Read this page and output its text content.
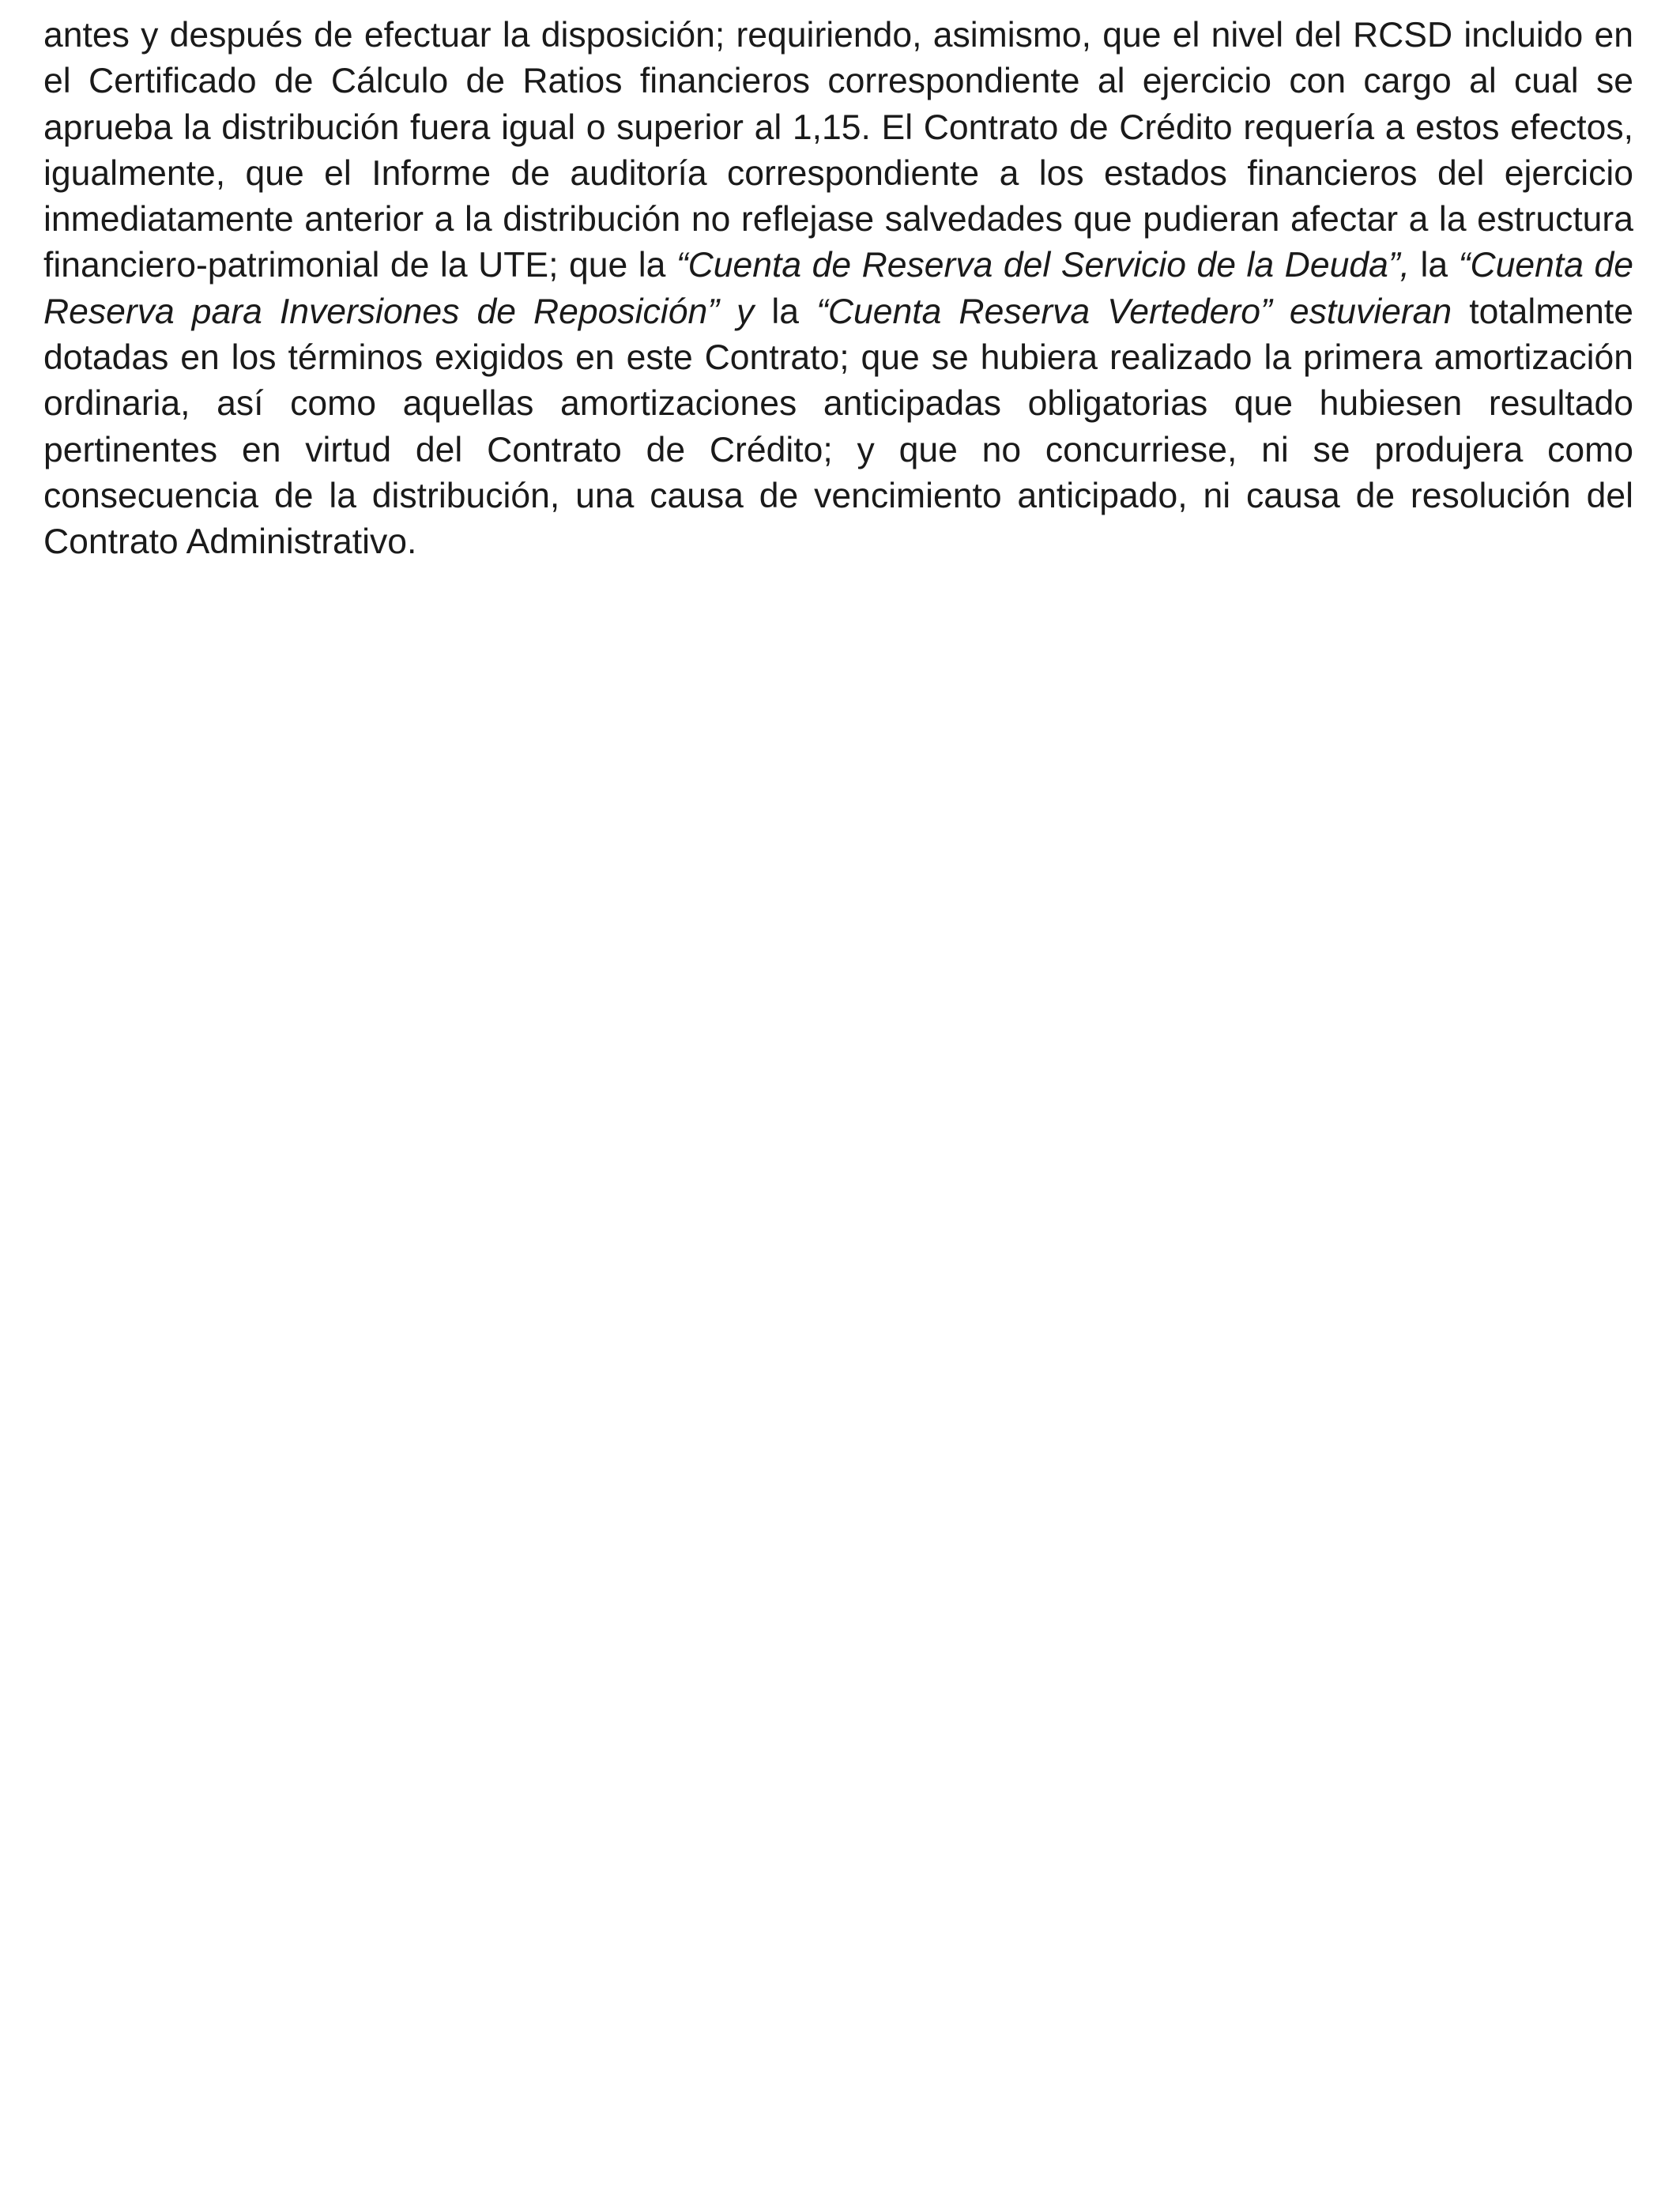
antes y después de efectuar la disposición; requiriendo, asimismo, que el nivel del RCSD incluido en el Certificado de Cálculo de Ratios financieros correspondiente al ejercicio con cargo al cual se aprueba la distribución fuera igual o superior al 1,15. El Contrato de Crédito requería a estos efectos, igualmente, que el Informe de auditoría correspondiente a los estados financieros del ejercicio inmediatamente anterior a la distribución no reflejase salvedades que pudieran afectar a la estructura financiero-patrimonial de la UTE; que la “Cuenta de Reserva del Servicio de la Deuda”, la “Cuenta de Reserva para Inversiones de Reposición” y la “Cuenta Reserva Vertedero” estuvieran totalmente dotadas en los términos exigidos en este Contrato; que se hubiera realizado la primera amortización ordinaria, así como aquellas amortizaciones anticipadas obligatorias que hubiesen resultado pertinentes en virtud del Contrato de Crédito; y que no concurriese, ni se produjera como consecuencia de la distribución, una causa de vencimiento anticipado, ni causa de resolución del Contrato Administrativo.
